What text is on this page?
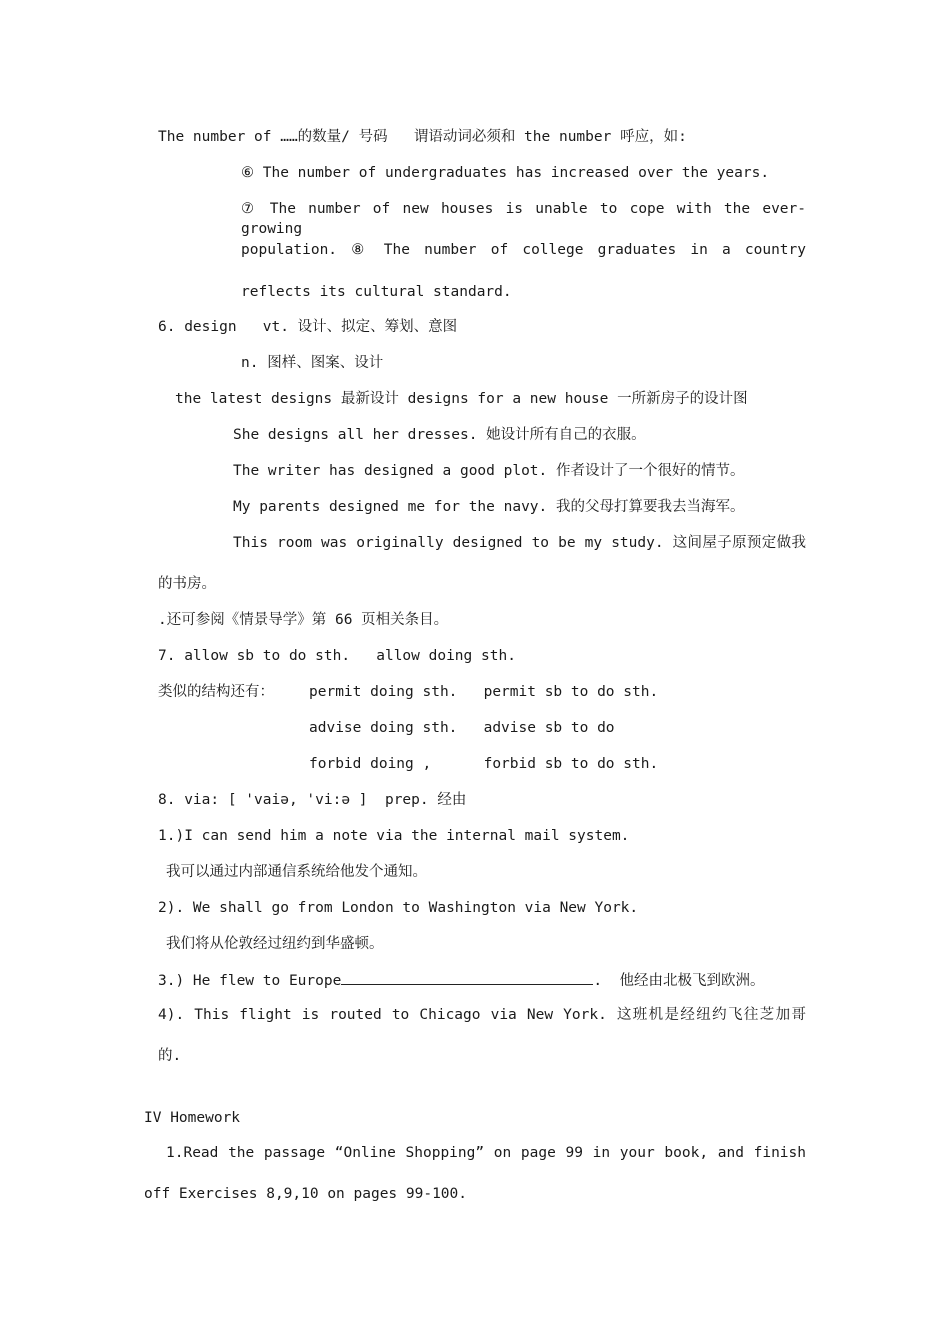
The number of ……的数量/ 号码   谓语动词必须和 the number 呼应，如:
⑥ The number of undergraduates has increased over the years.
⑦ The number of new houses is unable to cope with the ever-growing
population. ⑧ The number of college graduates in a country
reflects its cultural standard.
6. design   vt. 设计、拟定、筹划、意图
n. 图样、图案、设计
the latest designs 最新设计 designs for a new house 一所新房子的设计图
She designs all her dresses. 她设计所有自己的衣服。
The writer has designed a good plot. 作者设计了一个很好的情节。
My parents designed me for the navy. 我的父母打算要我去当海军。
This room was originally designed to be my study. 这间屋子原预定做我
的书房。
.还可参阅《情景导学》第 66 页相关条目。
7. allow sb to do sth.   allow doing sth.
类似的结构还有： permit doing sth.   permit sb to do sth.
advise doing sth.   advise sb to do
forbid doing ,      forbid sb to do sth.
8. via: [ 'vaiə, 'vi:ə ]  prep. 经由
1.)I can send him a note via the internal mail system.
我可以通过内部通信系统给他发个通知。
2). We shall go from London to Washington via New York.
我们将从伦敦经过纽约到华盛顿。
3.) He flew to Europe	.  他经由北极飞到欧洲。
4). This flight is routed to Chicago via New York. 这班机是经纽约飞往芝加哥
的.
IV Homework
1.Read the passage “Online Shopping” on page 99 in your book, and finish
off Exercises 8,9,10 on pages 99-100.
